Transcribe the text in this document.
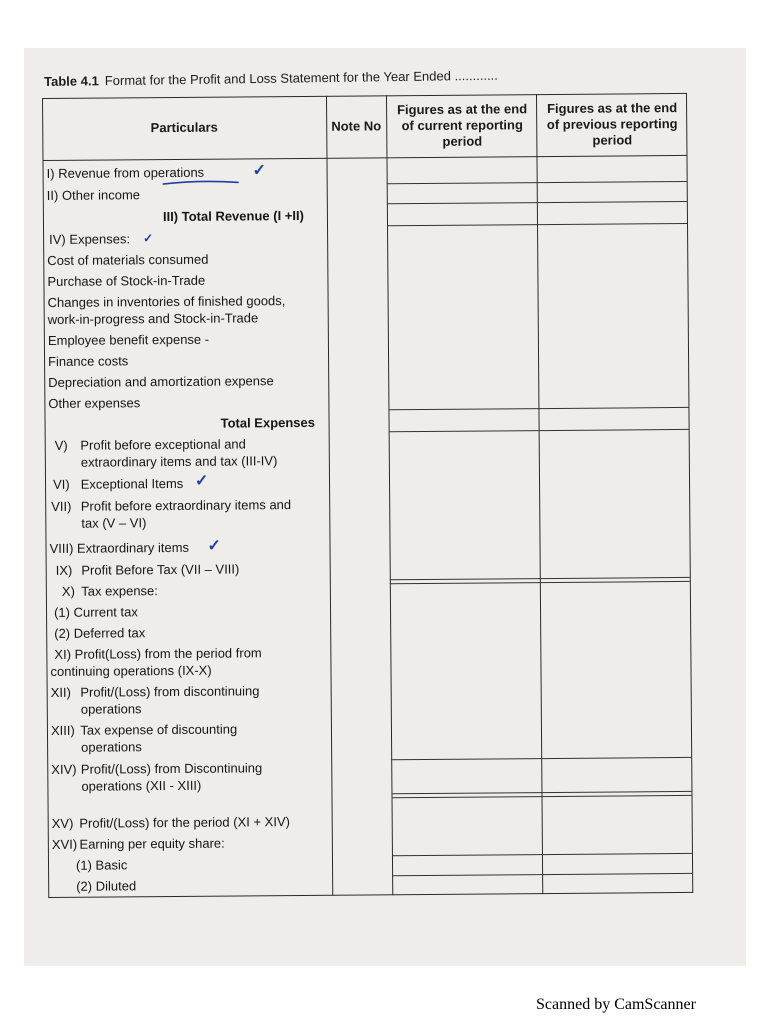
Table 4.1 Format for the Profit and Loss Statement for the Year Ended ............
Particulars	Note No
Figures as at the end of current reporting period
Figures as at the end of previous reporting period
I) Revenue from operations
II) Other income
III) Total Revenue (I +II)
IV) Expenses:
Cost of materials consumed
Purchase of Stock-in-Trade
Changes in inventories of finished goods,
work-in-progress and Stock-in-Trade
Employee benefit expense -
Finance costs
Depreciation and amortization expense
Other expenses
Total Expenses
V) Profit before exceptional and
extraordinary items and tax (III-IV)
VI) Exceptional Items
VII) Profit before extraordinary items and
tax (V – VI)
VIII) Extraordinary items
IX) Profit Before Tax (VII – VIII)
X) Tax expense:
(1) Current tax
(2) Deferred tax
XI) Profit(Loss) from the period from
continuing operations (IX-X)
XII) Profit/(Loss) from discontinuing
operations
XIII) Tax expense of discounting
operations
XIV) Profit/(Loss) from Discontinuing
operations (XII - XIII)
XV) Profit/(Loss) for the period (XI + XIV)
XVI) Earning per equity share:
(1) Basic
(2) Diluted
✓
✓
✓
✓
Scanned by CamScanner
